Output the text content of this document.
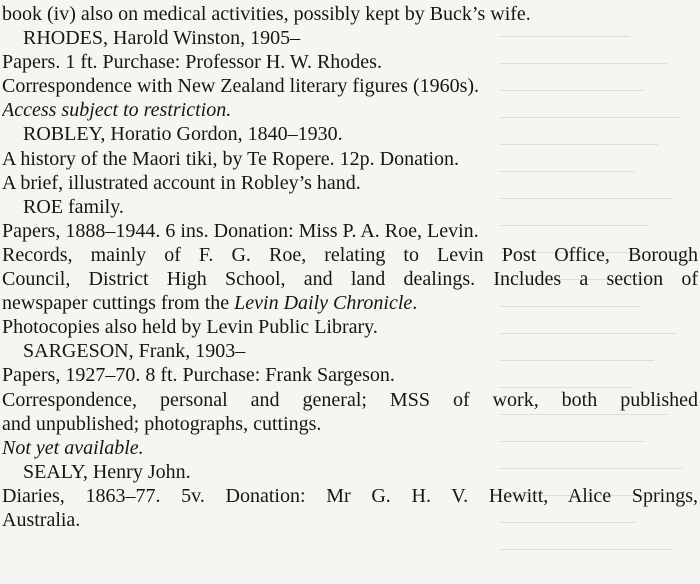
book (iv) also on medical activities, possibly kept by Buck’s wife.
RHODES, Harold Winston, 1905–
Papers. 1 ft. Purchase: Professor H. W. Rhodes.
Correspondence with New Zealand literary figures (1960s).
Access subject to restriction.
ROBLEY, Horatio Gordon, 1840–1930.
A history of the Maori tiki, by Te Ropere. 12p. Donation.
A brief, illustrated account in Robley’s hand.
ROE family.
Papers, 1888–1944. 6 ins. Donation: Miss P. A. Roe, Levin.
Records, mainly of F. G. Roe, relating to Levin Post Office, Borough
Council, District High School, and land dealings. Includes a section of
newspaper cuttings from the Levin Daily Chronicle.
Photocopies also held by Levin Public Library.
SARGESON, Frank, 1903–
Papers, 1927–70. 8 ft. Purchase: Frank Sargeson.
Correspondence, personal and general; MSS of work, both published
and unpublished; photographs, cuttings.
Not yet available.
SEALY, Henry John.
Diaries, 1863–77. 5v. Donation: Mr G. H. V. Hewitt, Alice Springs,
Australia.
